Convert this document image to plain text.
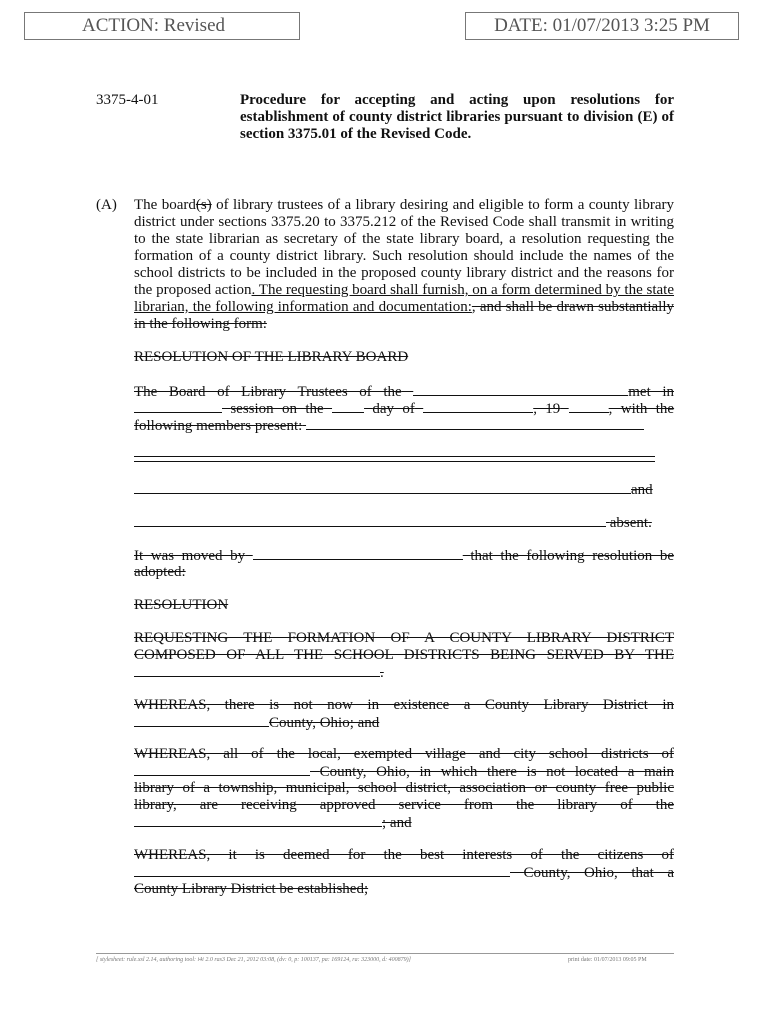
ACTION: Revised	DATE: 01/07/2013 3:25 PM
3375-4-01	Procedure for accepting and acting upon resolutions for establishment of county district libraries pursuant to division (E) of section 3375.01 of the Revised Code.
(A) The board(s) of library trustees of a library desiring and eligible to form a county library district under sections 3375.20 to 3375.212 of the Revised Code shall transmit in writing to the state librarian as secretary of the state library board, a resolution requesting the formation of a county district library. Such resolution should include the names of the school districts to be included in the proposed county library district and the reasons for the proposed action. The requesting board shall furnish, on a form determined by the state librarian, the following information and documentation:, and shall be drawn substantially in the following form:
RESOLUTION OF THE LIBRARY BOARD
The Board of Library Trustees of the	met in
session on the	day of	, 19	, with the
following members present:
and
absent.
It was moved by	that the following resolution be
adopted:
RESOLUTION
REQUESTING THE FORMATION OF A COUNTY LIBRARY DISTRICT
COMPOSED OF ALL THE SCHOOL DISTRICTS BEING SERVED BY THE
.
WHEREAS, there is not now in existence a County Library District in
County, Ohio; and
WHEREAS, all of the local, exempted village and city school districts of
County, Ohio, in which there is not located a main
library of a township, municipal, school district, association or county free public
library, are receiving approved service from the library of the
; and
WHEREAS, it is deemed for the best interests of the citizens of
County, Ohio, that a
County Library District be established;
[ stylesheet: rule.xsl 2.14, authoring tool: i4i 2.0 ras3 Dec 21, 2012 03:08, (dv: 0, p: 100137, pa: 169124, ra: 323000, d: 400879)]	print date: 01/07/2013 09:05 PM
